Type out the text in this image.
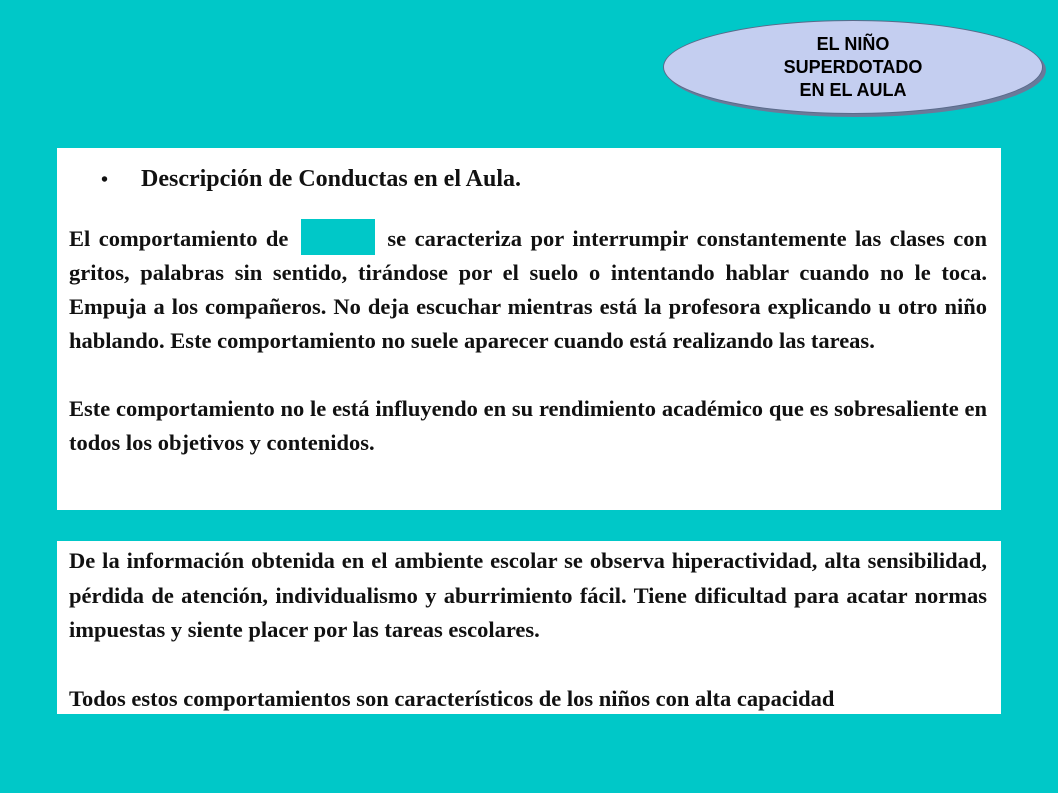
EL NIÑO
SUPERDOTADO
EN EL AULA
•	Descripción de Conductas en el Aula.

El comportamiento de	se caracteriza por interrumpir constantemente las clases con gritos, palabras sin sentido, tirándose por el suelo o intentando hablar cuando no le toca. Empuja a los compañeros. No deja escuchar mientras está la profesora explicando u otro niño hablando. Este comportamiento no suele aparecer cuando está realizando las tareas.

Este comportamiento no le está influyendo en su rendimiento académico que es sobresaliente en todos los objetivos y contenidos.

De la información obtenida en el ambiente escolar se observa hiperactividad, alta sensibilidad, pérdida de atención, individualismo y aburrimiento fácil. Tiene dificultad para acatar normas impuestas y siente placer por las tareas escolares.

Todos estos comportamientos son característicos de los niños con alta capacidad
